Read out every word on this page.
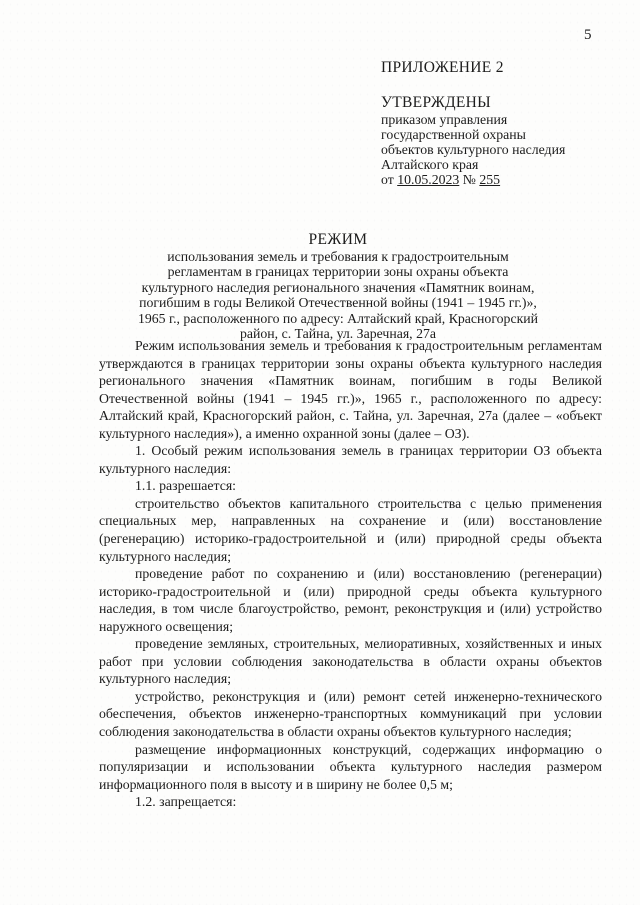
5
ПРИЛОЖЕНИЕ 2
УТВЕРЖДЕНЫ
приказом управления
государственной охраны
объектов культурного наследия
Алтайского края
от 10.05.2023 № 255
РЕЖИМ
использования земель и требования к градостроительным
регламентам в границах территории зоны охраны объекта
культурного наследия регионального значения «Памятник воинам,
погибшим в годы Великой Отечественной войны (1941 – 1945 гг.)»,
1965 г., расположенного по адресу: Алтайский край, Красногорский
район, с. Тайна, ул. Заречная, 27а

Режим использования земель и требования к градостроительным регламентам утверждаются в границах территории зоны охраны объекта культурного наследия регионального значения «Памятник воинам, погибшим в годы Великой Отечественной войны (1941 – 1945 гг.)», 1965 г., расположенного по адресу: Алтайский край, Красногорский район, с. Тайна, ул. Заречная, 27а (далее – «объект культурного наследия»), а именно охранной зоны (далее – ОЗ).

1. Особый режим использования земель в границах территории ОЗ объекта культурного наследия:

1.1. разрешается:

строительство объектов капитального строительства с целью применения специальных мер, направленных на сохранение и (или) восстановление (регенерацию) историко-градостроительной и (или) природной среды объекта культурного наследия;

проведение работ по сохранению и (или) восстановлению (регенерации) историко-градостроительной и (или) природной среды объекта культурного наследия, в том числе благоустройство, ремонт, реконструкция и (или) устройство наружного освещения;

проведение земляных, строительных, мелиоративных, хозяйственных и иных работ при условии соблюдения законодательства в области охраны объектов культурного наследия;

устройство, реконструкция и (или) ремонт сетей инженерно-технического обеспечения, объектов инженерно-транспортных коммуникаций при условии соблюдения законодательства в области охраны объектов культурного наследия;

размещение информационных конструкций, содержащих информацию о популяризации и использовании объекта культурного наследия размером информационного поля в высоту и в ширину не более 0,5 м;

1.2. запрещается:
